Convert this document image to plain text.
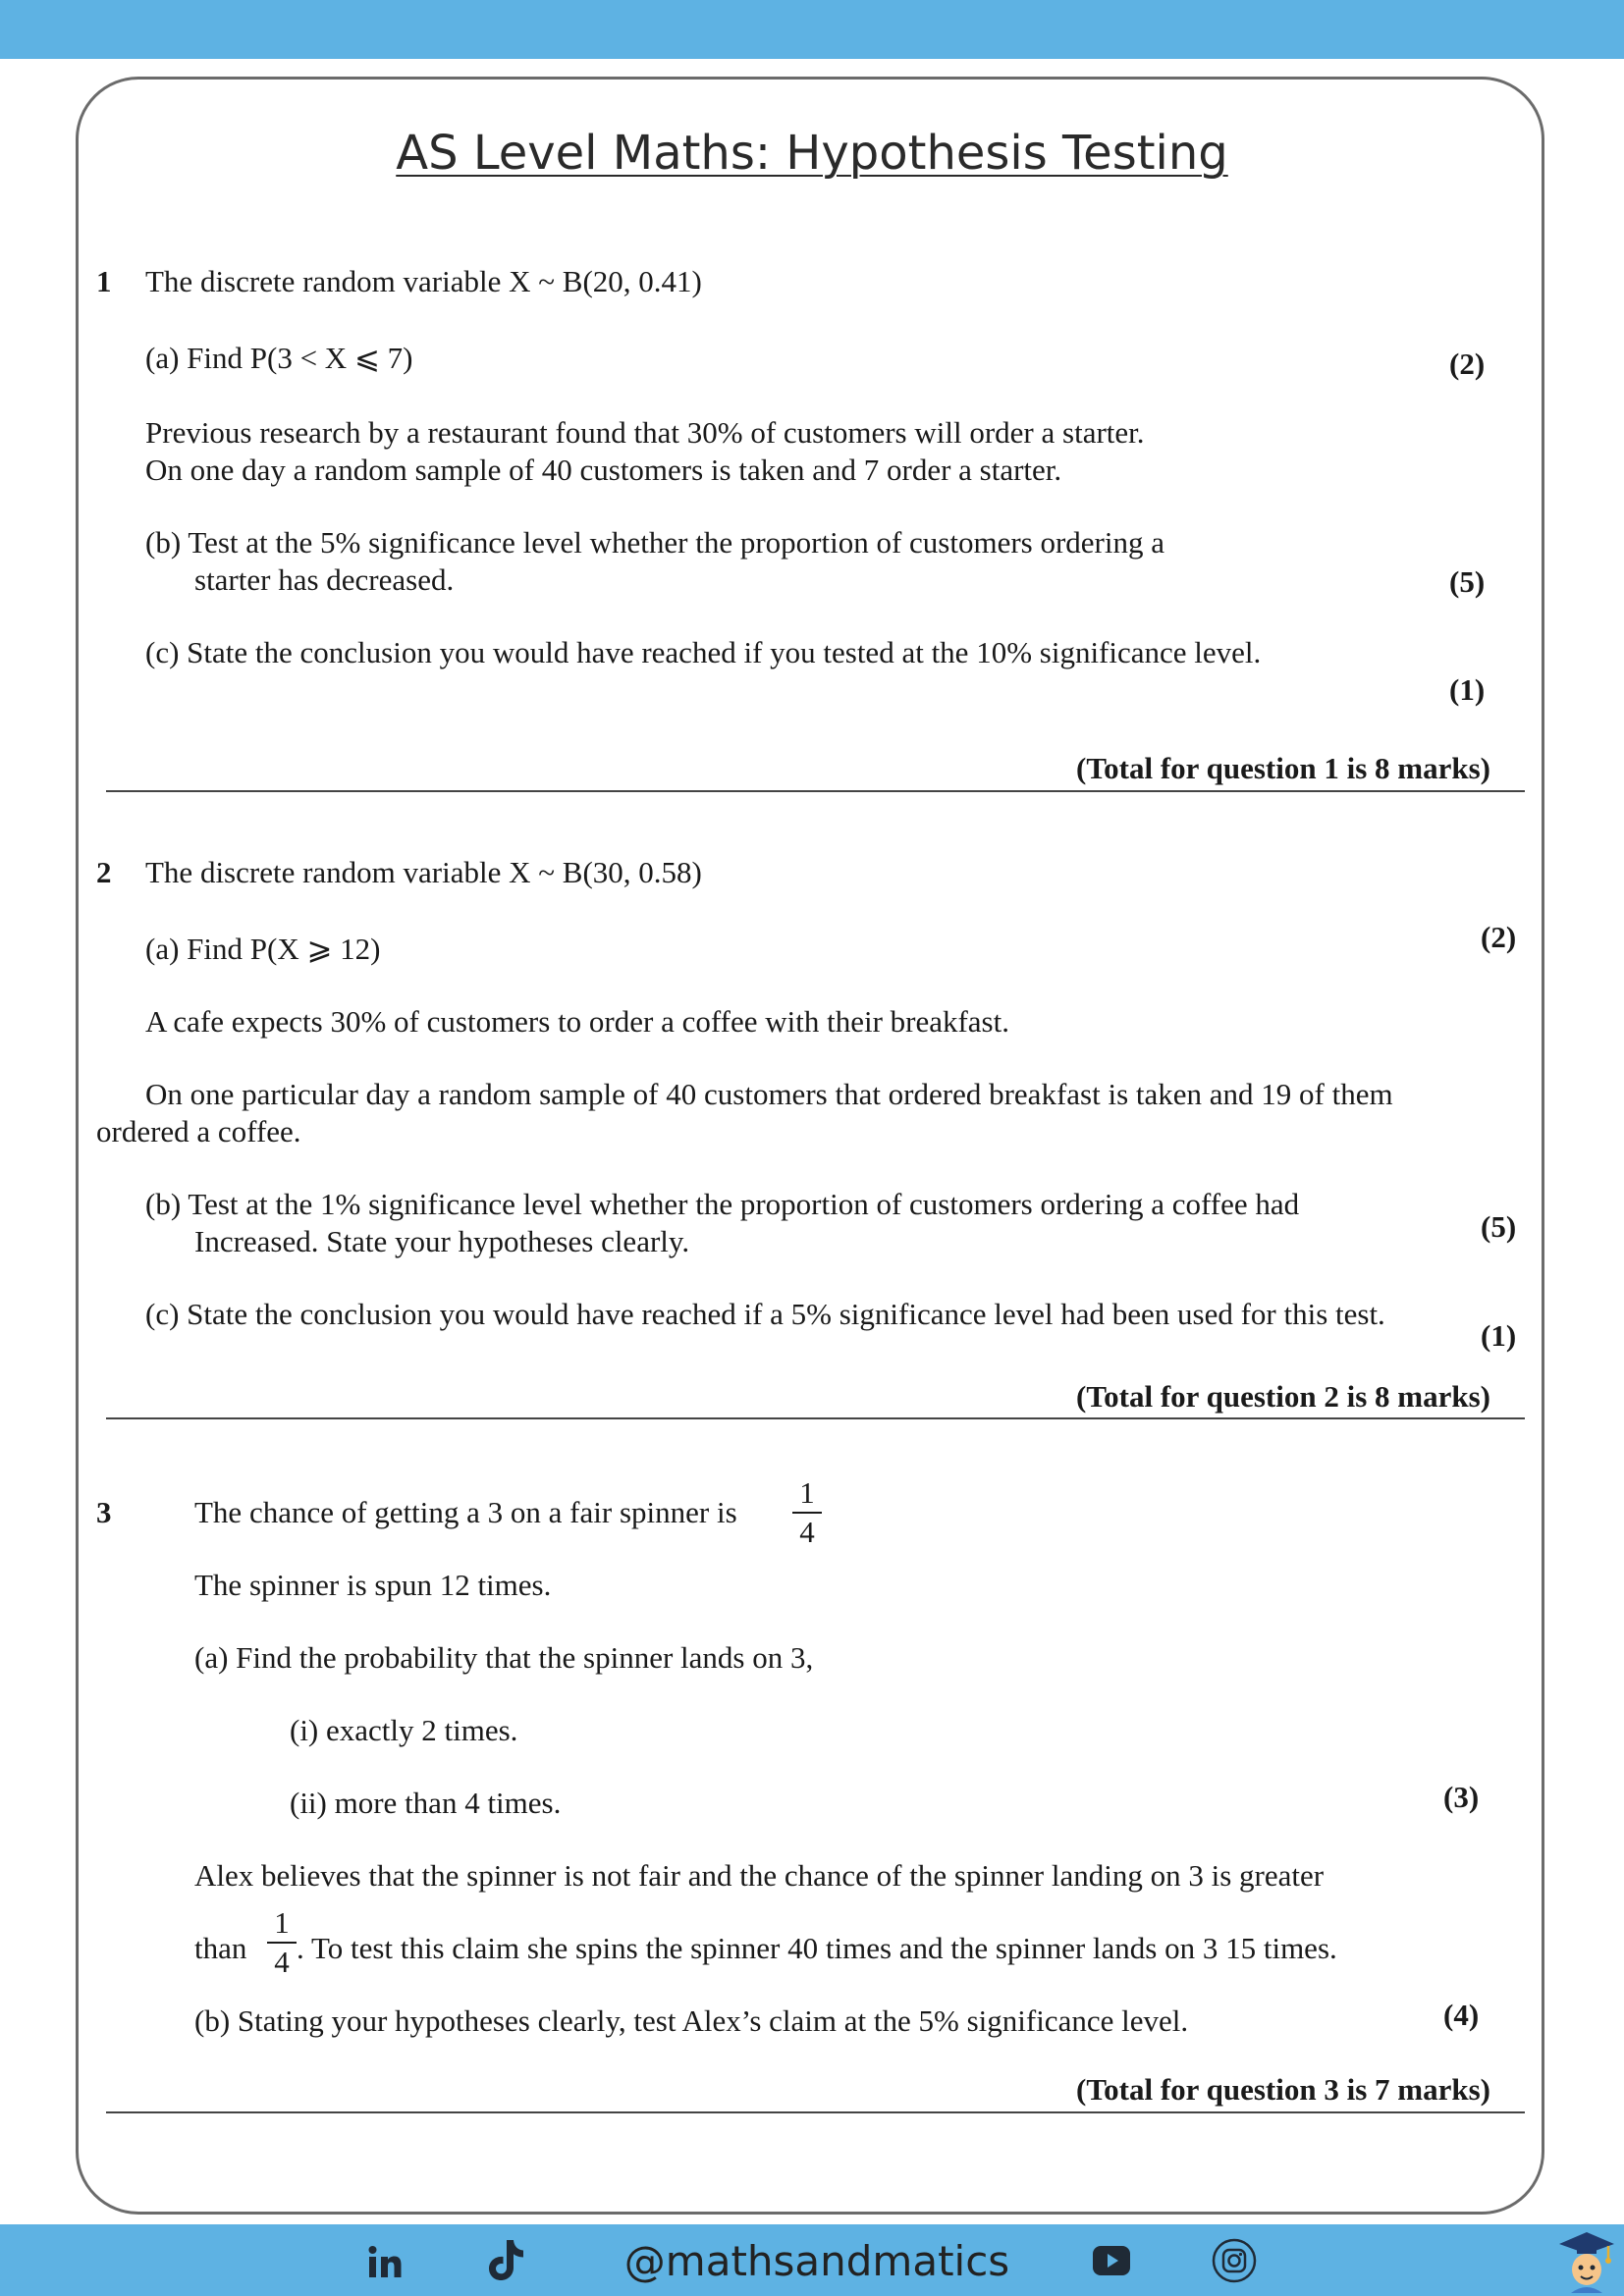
AS Level Maths: Hypothesis Testing
1 The discrete random variable X ~ B(20, 0.41)
(a) Find P(3 < X ⩽ 7)	(2)
Previous research by a restaurant found that 30% of customers will order a starter.
On one day a random sample of 40 customers is taken and 7 order a starter.
(b) Test at the 5% significance level whether the proportion of customers ordering a
starter has decreased.	(5)
(c) State the conclusion you would have reached if you tested at the 10% significance level.
(1)
(Total for question 1 is 8 marks)
2 The discrete random variable X ~ B(30, 0.58)
(a) Find P(X ⩾ 12)	(2)
A cafe expects 30% of customers to order a coffee with their breakfast.
On one particular day a random sample of 40 customers that ordered breakfast is taken and 19 of them
ordered a coffee.
(b) Test at the 1% significance level whether the proportion of customers ordering a coffee had
Increased. State your hypotheses clearly.	(5)
(c) State the conclusion you would have reached if a 5% significance level had been used for this test.
(1)
(Total for question 2 is 8 marks)
3	The chance of getting a 3 on a fair spinner is
1
4
The spinner is spun 12 times.
(a) Find the probability that the spinner lands on 3,
(i) exactly 2 times.
(ii) more than 4 times.	(3)
Alex believes that the spinner is not fair and the chance of the spinner landing on 3 is greater
than
1
4 . To test this claim she spins the spinner 40 times and the spinner lands on 3 15 times.
(b) Stating your hypotheses clearly, test Alex’s claim at the 5% significance level.	(4)
(Total for question 3 is 7 marks)
@mathsandmatics
